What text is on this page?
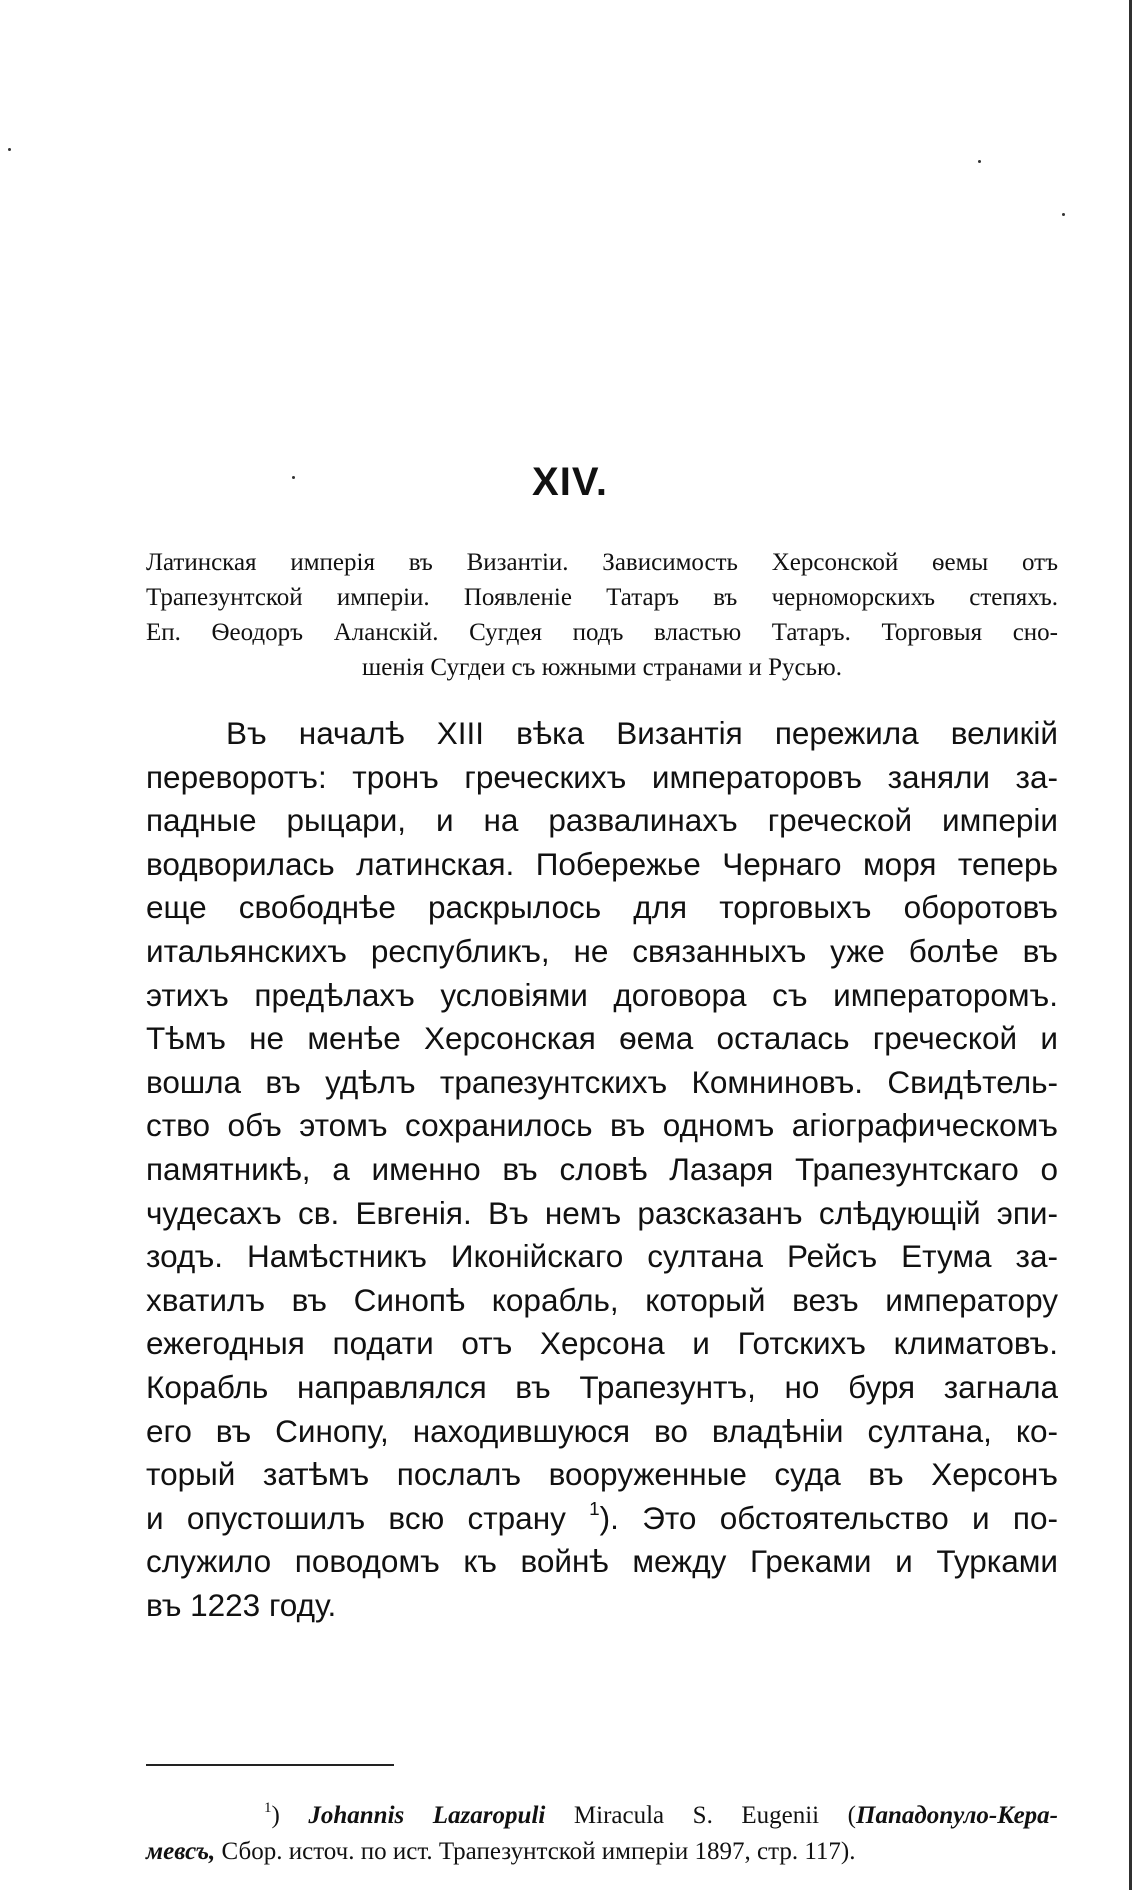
XIV.
Латинская имперія въ Византіи. Зависимость Херсонской ѳемы отъ
Трапезунтской имперіи. Появленіе Татаръ въ черноморскихъ степяхъ.
Еп. Ѳеодоръ Аланскій. Сугдея подъ властью Татаръ. Торговыя сно-
шенія Сугдеи съ южными странами и Русью.
Въ началѣ XIII вѣка Византія пережила великій
переворотъ: тронъ греческихъ императоровъ заняли за-
падные рыцари, и на развалинахъ греческой имперіи
водворилась латинская. Побережье Чернаго моря теперь
еще свободнѣе раскрылось для торговыхъ оборотовъ
итальянскихъ республикъ, не связанныхъ уже болѣе въ
этихъ предѣлахъ условіями договора съ императоромъ.
Тѣмъ не менѣе Херсонская ѳема осталась греческой и
вошла въ удѣлъ трапезунтскихъ Комниновъ. Свидѣтель-
ство объ этомъ сохранилось въ одномъ агіографическомъ
памятникѣ, а именно въ словѣ Лазаря Трапезунтскаго о
чудесахъ св. Евгенія. Въ немъ разсказанъ слѣдующій эпи-
зодъ. Намѣстникъ Иконійскаго султана Рейсъ Етума за-
хватилъ въ Синопѣ корабль, который везъ императору
ежегодныя подати отъ Херсона и Готскихъ климатовъ.
Корабль направлялся въ Трапезунтъ, но буря загнала
его въ Синопу, находившуюся во владѣніи султана, ко-
торый затѣмъ послалъ вооруженные суда въ Херсонъ
и опустошилъ всю страну $^1$). Это обстоятельство и по-
служило поводомъ къ войнѣ между Греками и Турками
въ 1223 году.
$^1$) Johannis Lazaropuli Miracula S. Eugenii (Пападопуло-Кера-
мевсъ, Сбор. источ. по ист. Трапезунтской имперіи 1897, стр. 117).
